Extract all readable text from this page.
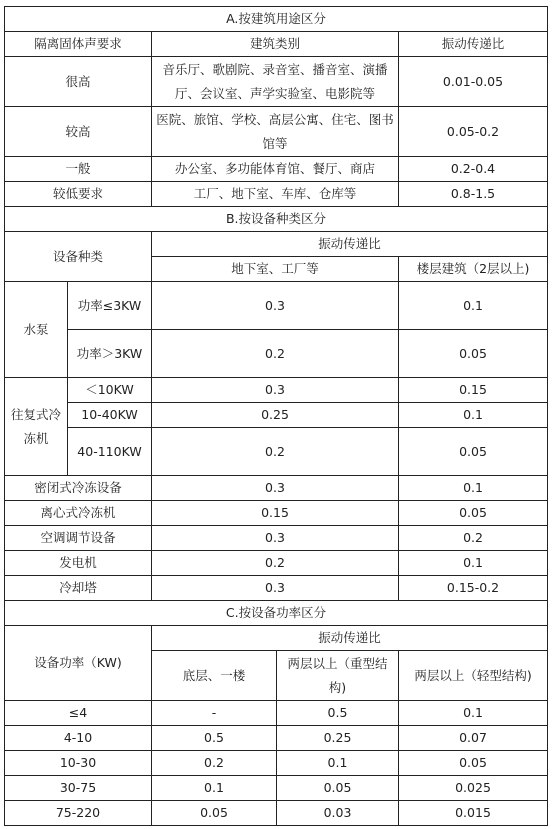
A.按建筑用途区分				
隔离固体声要求		建筑类别		振动传递比
很高		音乐厅、歌剧院、录音室、播音室、演播厅、会议室、声学实验室、电影院等		0.01-0.05
较高		医院、旅馆、学校、高层公寓、住宅、图书馆等		0.05-0.2
一般		办公室、多功能体育馆、餐厅、商店		0.2-0.4
较低要求		工厂、地下室、车库、仓库等		0.8-1.5
B.按设备种类区分				
设备种类		振动传递比		
		地下室、工厂等		楼层建筑（2层以上)
水泵	功率≤3KW	0.3		0.1
	功率＞3KW	0.2		0.05
往复式冷冻机	＜10KW	0.3		0.15
	10-40KW	0.25		0.1
	40-110KW	0.2		0.05
密闭式冷冻设备		0.3		0.1
离心式冷冻机		0.15		0.05
空调调节设备		0.3		0.2
发电机		0.2		0.1
冷却塔		0.3		0.15-0.2
C.按设备功率区分				
设备功率（KW)		振动传递比		
		底层、一楼	两层以上（重型结构)	两层以上（轻型结构)
≤4		-	0.5	0.1
4-10		0.5	0.25	0.07
10-30		0.2	0.1	0.05
30-75		0.1	0.05	0.025
75-220		0.05	0.03	0.015
